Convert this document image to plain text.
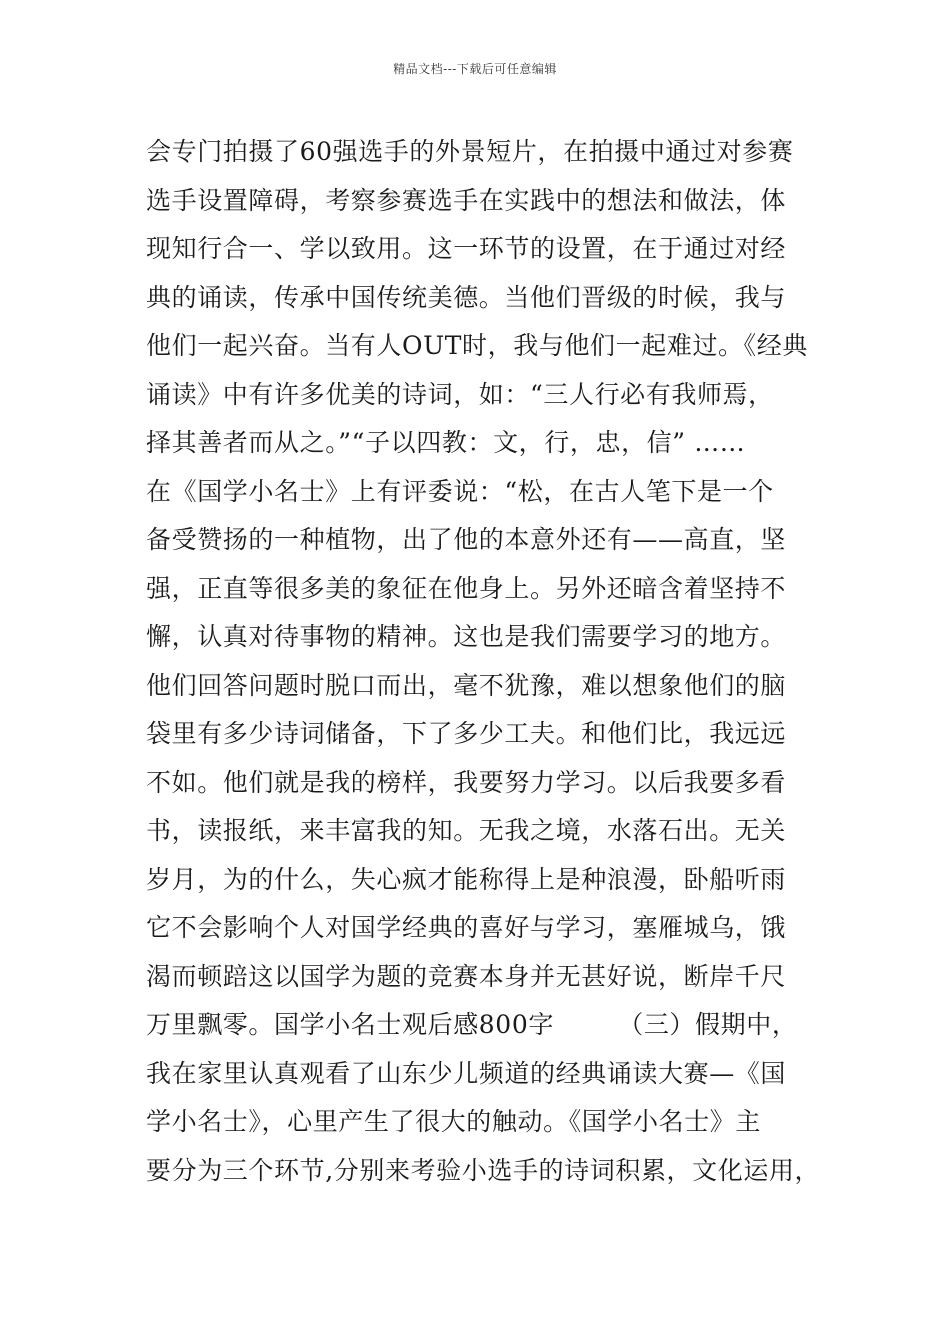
精品文档---下载后可任意编辑
会专门拍摄了60强选手的外景短片，在拍摄中通过对参赛
选手设置障碍，考察参赛选手在实践中的想法和做法，体
现知行合一、学以致用。这一环节的设置，在于通过对经
典的诵读，传承中国传统美德。当他们晋级的时候，我与
他们一起兴奋。当有人OUT时，我与他们一起难过。《经典
诵读》中有许多优美的诗词，如：“三人行必有我师焉，
择其善者而从之。”“子以四教：文，行，忠，信” ……
在《国学小名士》上有评委说：“松，在古人笔下是一个
备受赞扬的一种植物，出了他的本意外还有——高直，坚
强，正直等很多美的象征在他身上。另外还暗含着坚持不
懈，认真对待事物的精神。这也是我们需要学习的地方。
他们回答问题时脱口而出，毫不犹豫，难以想象他们的脑
袋里有多少诗词储备，下了多少工夫。和他们比，我远远
不如。他们就是我的榜样，我要努力学习。以后我要多看
书，读报纸，来丰富我的知。无我之境，水落石出。无关
岁月，为的什么，失心疯才能称得上是种浪漫，卧船听雨
它不会影响个人对国学经典的喜好与学习，塞雁城乌，饿
渴而顿踣这以国学为题的竞赛本身并无甚好说，断岸千尺
万里飘零。国学小名士观后感800字　　　（三）假期中，
我在家里认真观看了山东少儿频道的经典诵读大赛—《国
学小名士》，心里产生了很大的触动。《国学小名士》主
要分为三个环节,分别来考验小选手的诗词积累，文化运用，
